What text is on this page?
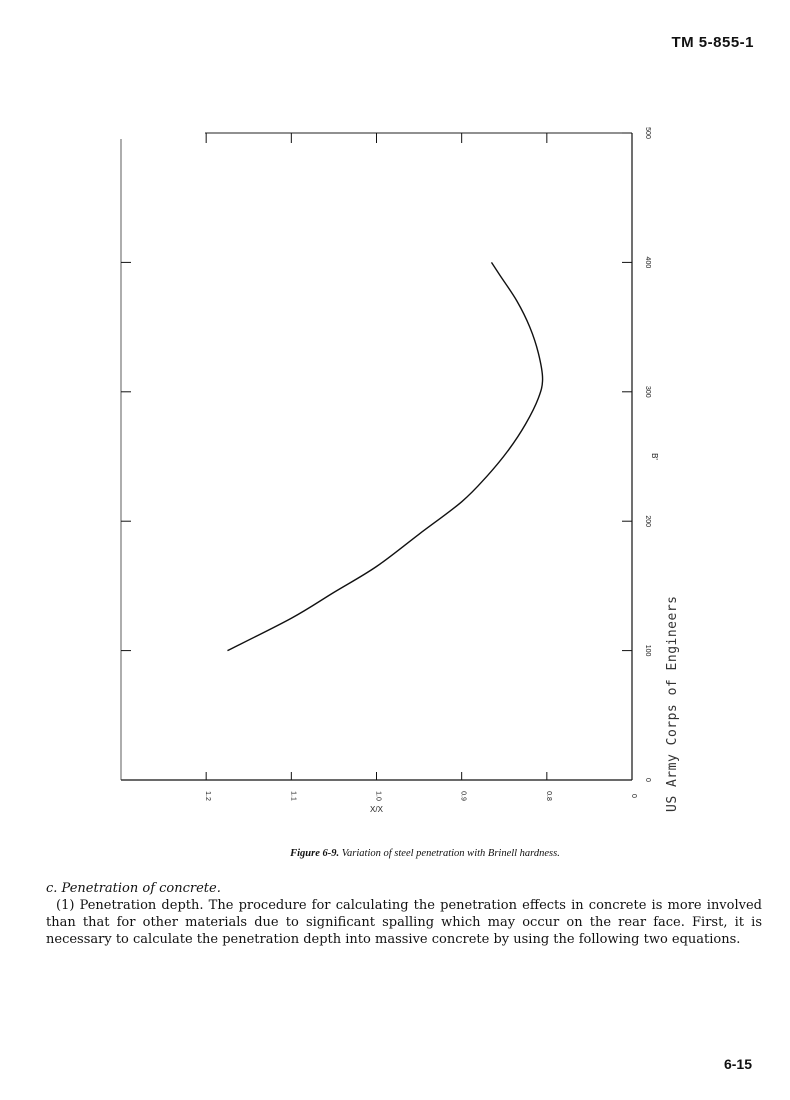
TM 5-855-1
1.2	1.1	1.0	0.9	0.8	0
0
100
200
300
400
500
X/X
B'
US Army Corps of Engineers
Figure 6-9. Variation of steel penetration with Brinell hardness.

c. Penetration of concrete.

(1) Penetration depth. The procedure for calculating the penetration effects in concrete is more involved than that for other materials due to significant spalling which may occur on the rear face. First, it is necessary to calculate the penetration depth into massive concrete by using the following two equations.

6-15
